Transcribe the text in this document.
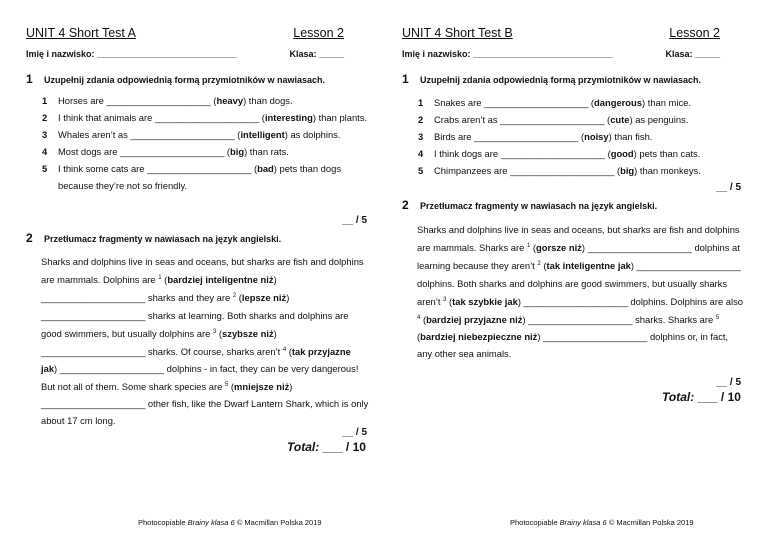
UNIT 4 Short Test A	Lesson 2
Imię i nazwisko: ____________________________	Klasa: _____
1 Uzupełnij zdania odpowiednią formą przymiotników w nawiasach.
1 Horses are ____________________ (heavy) than dogs.
2 I think that animals are ____________________ (interesting) than plants.
3 Whales aren’t as ____________________ (intelligent) as dolphins.
4 Most dogs are ____________________ (big) than rats.
5 I think some cats are ____________________ (bad) pets than dogs because they’re not so friendly.
__ / 5
2 Przetłumacz fragmenty w nawiasach na język angielski.
Sharks and dolphins live in seas and oceans, but sharks are fish and dolphins are mammals. Dolphins are $^1$ (bardziej inteligentne niż) ____________________ sharks and they are $^2$ (lepsze niż) ____________________ sharks at learning. Both sharks and dolphins are good swimmers, but usually dolphins are $^3$ (szybsze niż) ____________________ sharks. Of course, sharks aren’t $^4$ (tak przyjazne jak) ____________________ dolphins - in fact, they can be very dangerous! But not all of them. Some shark species are $^5$ (mniejsze niż) ____________________ other fish, like the Dwarf Lantern Shark, which is only about 17 cm long.
__ / 5
Total: ___ / 10
Photocopiable Brainy klasa 6 © Macmillan Polska 2019
UNIT 4 Short Test B	Lesson 2
Imię i nazwisko: ____________________________	Klasa: _____
1 Uzupełnij zdania odpowiednią formą przymiotników w nawiasach.
1 Snakes are ____________________ (dangerous) than mice.
2 Crabs aren’t as ____________________ (cute) as penguins.
3 Birds are ____________________ (noisy) than fish.
4 I think dogs are ____________________ (good) pets than cats.
5 Chimpanzees are ____________________ (big) than monkeys.
__ / 5
2 Przetłumacz fragmenty w nawiasach na język angielski.
Sharks and dolphins live in seas and oceans, but sharks are fish and dolphins are mammals. Sharks are $^1$ (gorsze niż) ____________________ dolphins at learning because they aren’t $^2$ (tak inteligentne jak) ____________________ dolphins. Both sharks and dolphins are good swimmers, but usually sharks aren’t $^3$ (tak szybkie jak) ____________________ dolphins. Dolphins are also $^4$ (bardziej przyjazne niż) ____________________ sharks. Sharks are $^5$ (bardziej niebezpieczne niż) ____________________ dolphins or, in fact, any other sea animals.
__ / 5
Total: ___ / 10
Photocopiable Brainy klasa 6 © Macmillan Polska 2019
